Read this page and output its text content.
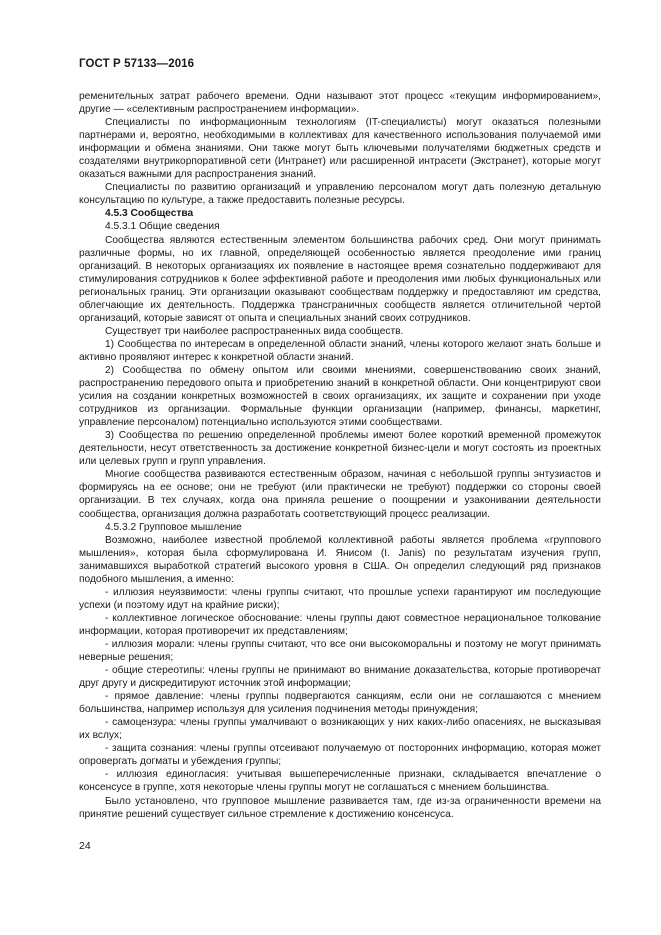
ГОСТ Р 57133—2016

ременительных затрат рабочего времени. Одни называют этот процесс «текущим информированием», другие — «селективным распространением информации».

Специалисты по информационным технологиям (IT-специалисты) могут оказаться полезными партнерами и, вероятно, необходимыми в коллективах для качественного использования получаемой ими информации и обмена знаниями. Они также могут быть ключевыми получателями бюджетных средств и создателями внутрикорпоративной сети (Интранет) или расширенной интрасети (Экстранет), которые могут оказаться важными для распространения знаний.

Специалисты по развитию организаций и управлению персоналом могут дать полезную детальную консультацию по культуре, а также предоставить полезные ресурсы.

4.5.3 Сообщества

4.5.3.1 Общие сведения

Сообщества являются естественным элементом большинства рабочих сред. Они могут принимать различные формы, но их главной, определяющей особенностью является преодоление ими границ организаций. В некоторых организациях их появление в настоящее время сознательно поддерживают для стимулирования сотрудников к более эффективной работе и преодоления ими любых функциональных или региональных границ. Эти организации оказывают сообществам поддержку и предоставляют им средства, облегчающие их деятельность. Поддержка трансграничных сообществ является отличительной чертой организаций, которые зависят от опыта и специальных знаний своих сотрудников.

Существует три наиболее распространенных вида сообществ.

1) Сообщества по интересам в определенной области знаний, члены которого желают знать больше и активно проявляют интерес к конкретной области знаний.

2) Сообщества по обмену опытом или своими мнениями, совершенствованию своих знаний, распространению передового опыта и приобретению знаний в конкретной области. Они концентрируют свои усилия на создании конкретных возможностей в своих организациях, их защите и сохранении при уходе сотрудников из организации. Формальные функции организации (например, финансы, маркетинг, управление персоналом) потенциально используются этими сообществами.

3) Сообщества по решению определенной проблемы имеют более короткий временной промежуток деятельности, несут ответственность за достижение конкретной бизнес-цели и могут состоять из проектных или целевых групп и групп управления.

Многие сообщества развиваются естественным образом, начиная с небольшой группы энтузиастов и формируясь на ее основе; они не требуют (или практически не требуют) поддержки со стороны своей организации. В тех случаях, когда она приняла решение о поощрении и узаконивании деятельности сообщества, организация должна разработать соответствующий процесс реализации.

4.5.3.2 Групповое мышление

Возможно, наиболее известной проблемой коллективной работы является проблема «группового мышления», которая была сформулирована И. Янисом (I. Janis) по результатам изучения групп, занимавшихся выработкой стратегий высокого уровня в США. Он определил следующий ряд признаков подобного мышления, а именно:

- иллюзия неуязвимости: члены группы считают, что прошлые успехи гарантируют им последующие успехи (и поэтому идут на крайние риски);

- коллективное логическое обоснование: члены группы дают совместное нерациональное толкование информации, которая противоречит их представлениям;

- иллюзия морали: члены группы считают, что все они высокоморальны и поэтому не могут принимать неверные решения;

- общие стереотипы: члены группы не принимают во внимание доказательства, которые противоречат друг другу и дискредитируют источник этой информации;

- прямое давление: члены группы подвергаются санкциям, если они не соглашаются с мнением большинства, например используя для усиления подчинения методы принуждения;

- самоцензура: члены группы умалчивают о возникающих у них каких-либо опасениях, не высказывая их вслух;

- защита сознания: члены группы отсеивают получаемую от посторонних информацию, которая может опровергать догматы и убеждения группы;

- иллюзия единогласия: учитывая вышеперечисленные признаки, складывается впечатление о консенсусе в группе, хотя некоторые члены группы могут не соглашаться с мнением большинства.

Было установлено, что групповое мышление развивается там, где из-за ограниченности времени на принятие решений существует сильное стремление к достижению консенсуса.

24
